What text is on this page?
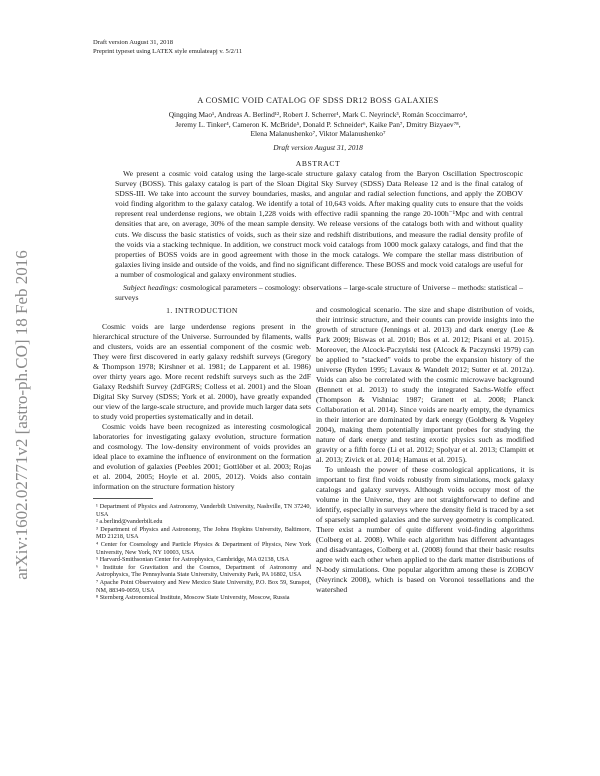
Draft version August 31, 2018
Preprint typeset using LATEX style emulateapj v. 5/2/11
arXiv:1602.02771v2 [astro-ph.CO] 18 Feb 2016
A COSMIC VOID CATALOG OF SDSS DR12 BOSS GALAXIES
Qingqing Mao¹, Andreas A. Berlind¹², Robert J. Scherrer¹, Mark C. Neyrinck³, Román Scoccimarro⁴,
Jeremy L. Tinker⁴, Cameron K. McBride⁵, Donald P. Schneider⁶, Kaike Pan⁷, Dmitry Bizyaev⁷⁸,
Elena Malanushenko⁷, Viktor Malanushenko⁷
Draft version August 31, 2018
ABSTRACT
We present a cosmic void catalog using the large-scale structure galaxy catalog from the Baryon Oscillation Spectroscopic Survey (BOSS). This galaxy catalog is part of the Sloan Digital Sky Survey (SDSS) Data Release 12 and is the final catalog of SDSS-III. We take into account the survey boundaries, masks, and angular and radial selection functions, and apply the ZOBOV void finding algorithm to the galaxy catalog. We identify a total of 10,643 voids. After making quality cuts to ensure that the voids represent real underdense regions, we obtain 1,228 voids with effective radii spanning the range 20-100h⁻¹Mpc and with central densities that are, on average, 30% of the mean sample density. We release versions of the catalogs both with and without quality cuts. We discuss the basic statistics of voids, such as their size and redshift distributions, and measure the radial density profile of the voids via a stacking technique. In addition, we construct mock void catalogs from 1000 mock galaxy catalogs, and find that the properties of BOSS voids are in good agreement with those in the mock catalogs. We compare the stellar mass distribution of galaxies living inside and outside of the voids, and find no significant difference. These BOSS and mock void catalogs are useful for a number of cosmological and galaxy environment studies.
Subject headings: cosmological parameters – cosmology: observations – large-scale structure of Universe – methods: statistical – surveys

1. INTRODUCTION

Cosmic voids are large underdense regions present in the hierarchical structure of the Universe. Surrounded by filaments, walls and clusters, voids are an essential component of the cosmic web. They were first discovered in early galaxy redshift surveys (Gregory & Thompson 1978; Kirshner et al. 1981; de Lapparent et al. 1986) over thirty years ago. More recent redshift surveys such as the 2dF Galaxy Redshift Survey (2dFGRS; Colless et al. 2001) and the Sloan Digital Sky Survey (SDSS; York et al. 2000), have greatly expanded our view of the large-scale structure, and provide much larger data sets to study void properties systematically and in detail.

Cosmic voids have been recognized as interesting cosmological laboratories for investigating galaxy evolution, structure formation and cosmology. The low-density environment of voids provides an ideal place to examine the influence of environment on the formation and evolution of galaxies (Peebles 2001; Gottlöber et al. 2003; Rojas et al. 2004, 2005; Hoyle et al. 2005, 2012). Voids also contain information on the structure formation history

¹ Department of Physics and Astronomy, Vanderbilt University, Nashville, TN 37240, USA

² a.berlind@vanderbilt.edu

³ Department of Physics and Astronomy, The Johns Hopkins University, Baltimore, MD 21218, USA

⁴ Center for Cosmology and Particle Physics & Department of Physics, New York University, New York, NY 10003, USA

⁵ Harvard-Smithsonian Center for Astrophysics, Cambridge, MA 02138, USA

⁶ Institute for Gravitation and the Cosmos, Department of Astronomy and Astrophysics, The Pennsylvania State University, University Park, PA 16802, USA

⁷ Apache Point Observatory and New Mexico State University, P.O. Box 59, Sunspot, NM, 88349-0059, USA

⁸ Sternberg Astronomical Institute, Moscow State University, Moscow, Russia

and cosmological scenario. The size and shape distribution of voids, their intrinsic structure, and their counts can provide insights into the growth of structure (Jennings et al. 2013) and dark energy (Lee & Park 2009; Biswas et al. 2010; Bos et al. 2012; Pisani et al. 2015). Moreover, the Alcock-Paczyński test (Alcock & Paczynski 1979) can be applied to "stacked" voids to probe the expansion history of the universe (Ryden 1995; Lavaux & Wandelt 2012; Sutter et al. 2012a). Voids can also be correlated with the cosmic microwave background (Bennett et al. 2013) to study the integrated Sachs-Wolfe effect (Thompson & Vishniac 1987; Granett et al. 2008; Planck Collaboration et al. 2014). Since voids are nearly empty, the dynamics in their interior are dominated by dark energy (Goldberg & Vogeley 2004), making them potentially important probes for studying the nature of dark energy and testing exotic physics such as modified gravity or a fifth force (Li et al. 2012; Spolyar et al. 2013; Clampitt et al. 2013; Zivick et al. 2014; Hamaus et al. 2015).

To unleash the power of these cosmological applications, it is important to first find voids robustly from simulations, mock galaxy catalogs and galaxy surveys. Although voids occupy most of the volume in the Universe, they are not straightforward to define and identify, especially in surveys where the density field is traced by a set of sparsely sampled galaxies and the survey geometry is complicated. There exist a number of quite different void-finding algorithms (Colberg et al. 2008). While each algorithm has different advantages and disadvantages, Colberg et al. (2008) found that their basic results agree with each other when applied to the dark matter distributions of N-body simulations. One popular algorithm among these is ZOBOV (Neyrinck 2008), which is based on Voronoi tessellations and the watershed
